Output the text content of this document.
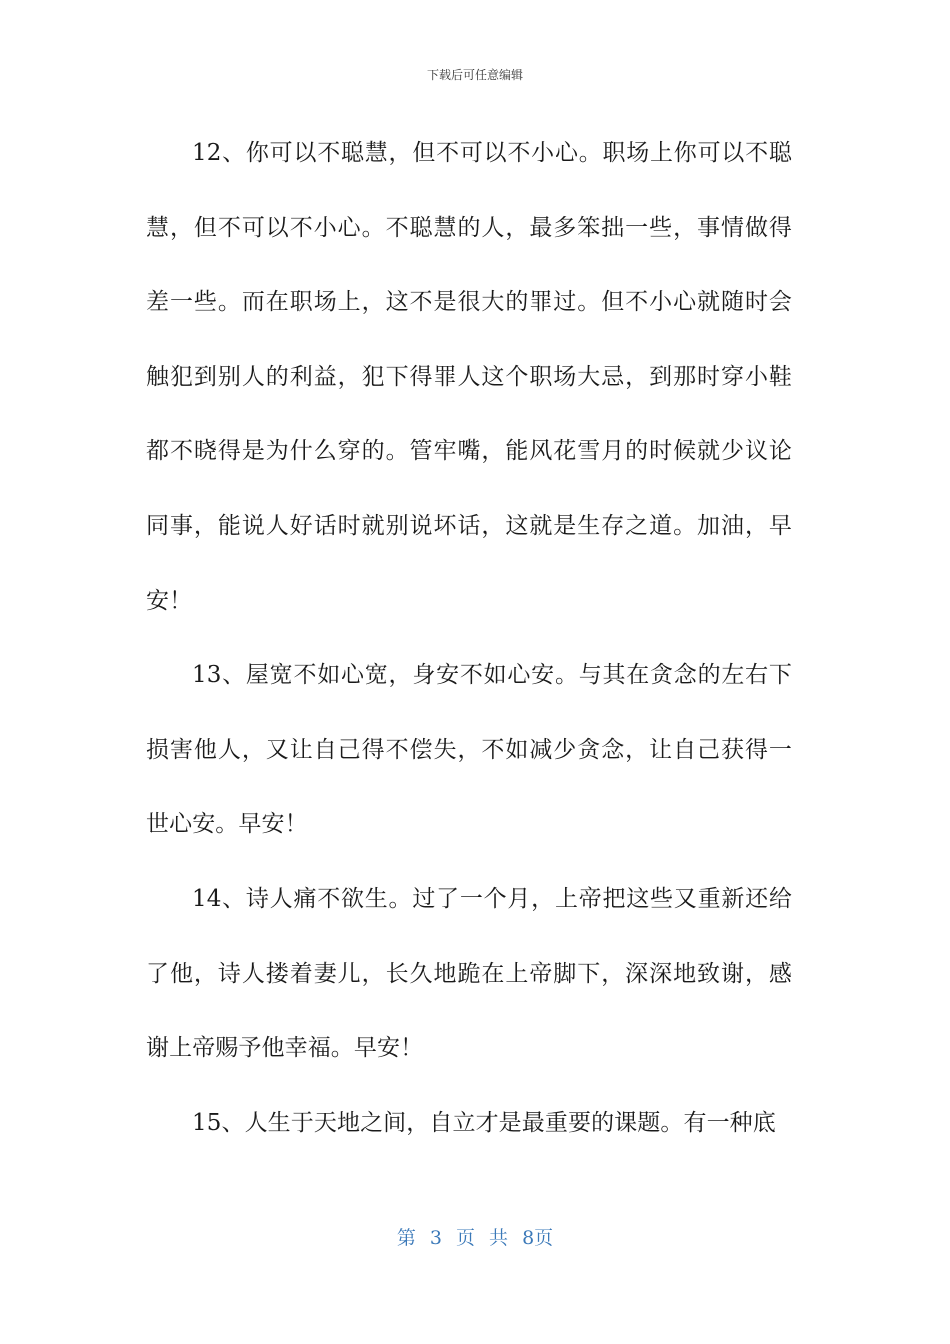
下载后可任意编辑

12、你可以不聪慧，但不可以不小心。职场上你可以不聪慧，但不可以不小心。不聪慧的人，最多笨拙一些，事情做得差一些。而在职场上，这不是很大的罪过。但不小心就随时会触犯到别人的利益，犯下得罪人这个职场大忌，到那时穿小鞋都不晓得是为什么穿的。管牢嘴，能风花雪月的时候就少议论同事，能说人好话时就别说坏话，这就是生存之道。加油，早安！

13、屋宽不如心宽，身安不如心安。与其在贪念的左右下损害他人，又让自己得不偿失，不如减少贪念，让自己获得一世心安。早安！

14、诗人痛不欲生。过了一个月，上帝把这些又重新还给了他，诗人搂着妻儿，长久地跪在上帝脚下，深深地致谢，感谢上帝赐予他幸福。早安！

15、人生于天地之间，自立才是最重要的课题。有一种底

第 3 页 共 8页
